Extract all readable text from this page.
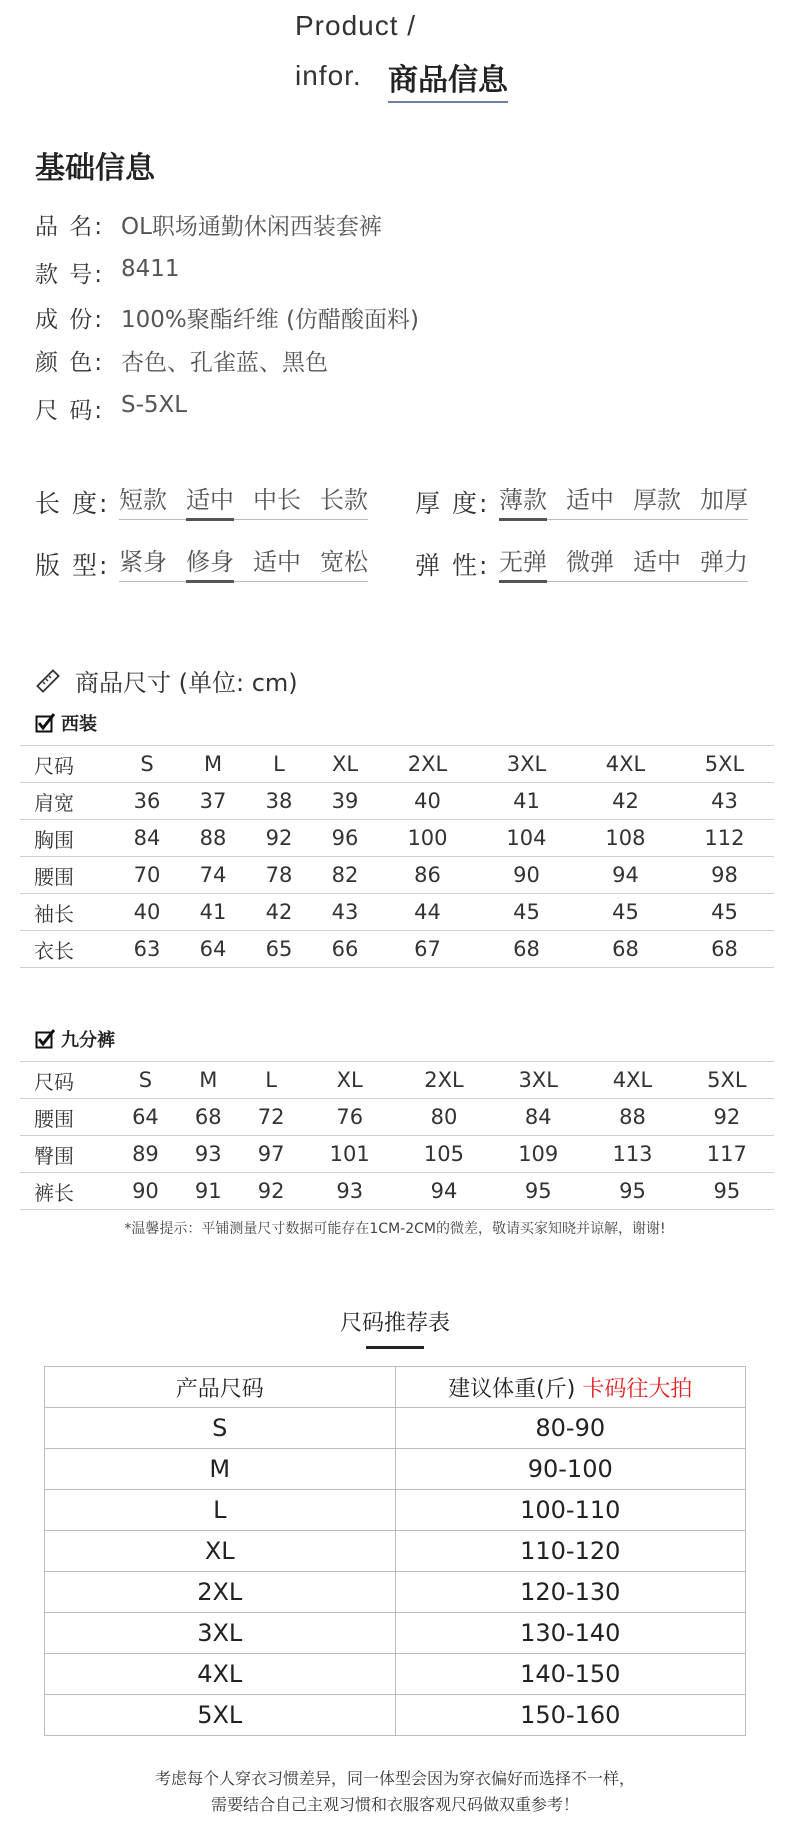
Product /
infor. 商品信息
基础信息
品 名: OL职场通勤休闲西装套裤
款 号: 8411
成 份: 100%聚酯纤维 (仿醋酸面料)
颜 色: 杏色、孔雀蓝、黑色
尺 码: S-5XL
长 度: 短款 适中 中长 长款 厚 度: 薄款 适中 厚款 加厚
版 型: 紧身 修身 适中 宽松 弹 性: 无弹 微弹 适中 弹力
商品尺寸 (单位: cm)
西装
尺码	S	M	L	XL	2XL	3XL	4XL	5XL
肩宽	36	37	38	39	40	41	42	43
胸围	84	88	92	96	100	104	108	112
腰围	70	74	78	82	86	90	94	98
袖长	40	41	42	43	44	45	45	45
衣长	63	64	65	66	67	68	68	68
九分裤
尺码	S	M	L	XL	2XL	3XL	4XL	5XL
腰围	64	68	72	76	80	84	88	92
臀围	89	93	97	101	105	109	113	117
裤长	90	91	92	93	94	95	95	95
*温馨提示：平铺测量尺寸数据可能存在1CM-2CM的微差，敬请买家知晓并谅解，谢谢!
尺码推荐表
产品尺码	建议体重(斤) 卡码往大拍
S	80-90
M	90-100
L	100-110
XL	110-120
2XL	120-130
3XL	130-140
4XL	140-150
5XL	150-160
考虑每个人穿衣习惯差异，同一体型会因为穿衣偏好而选择不一样，
需要结合自己主观习惯和衣服客观尺码做双重参考！
